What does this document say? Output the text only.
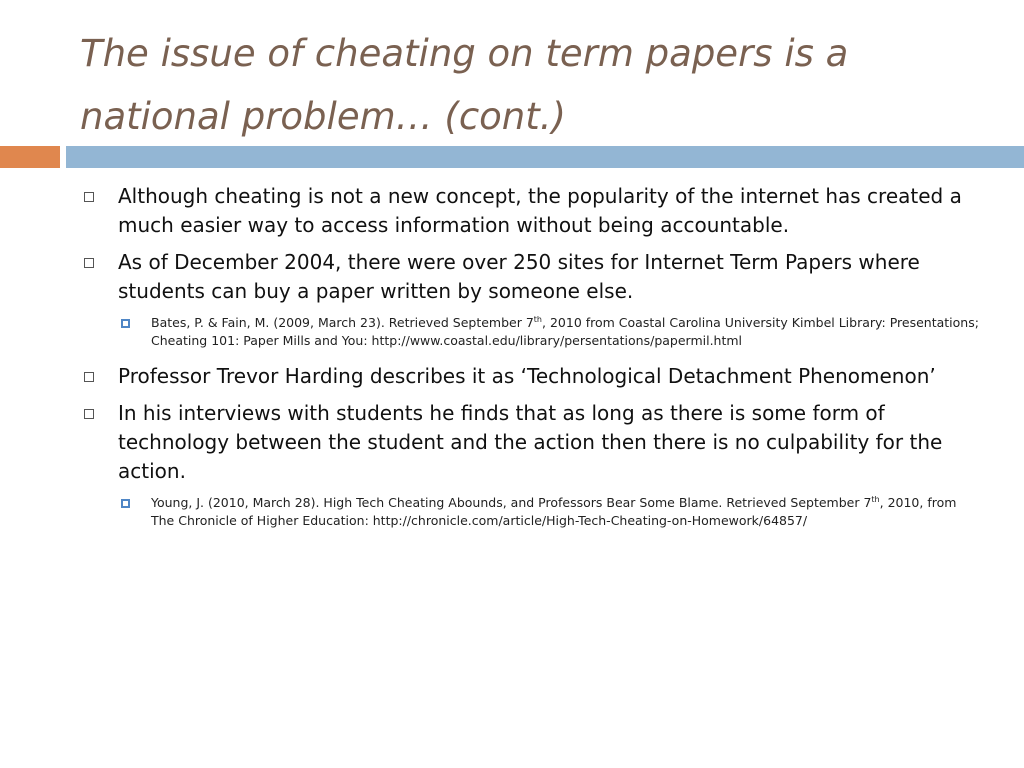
The issue of cheating on term papers is a national problem… (cont.)
Although cheating is not a new concept, the popularity of the internet has created a much easier way to access information without being accountable.
As of December 2004, there were over 250 sites for Internet Term Papers where students can buy a paper written by someone else.
Bates, P. & Fain, M. (2009, March 23). Retrieved September 7th, 2010 from Coastal Carolina University Kimbel Library: Presentations; Cheating 101: Paper Mills and You: http://www.coastal.edu/library/persentations/papermil.html
Professor Trevor Harding describes it as ‘Technological Detachment Phenomenon’
In his interviews with students he finds that as long as there is some form of technology between the student and the action then there is no culpability for the action.
Young, J. (2010, March 28). High Tech Cheating Abounds, and Professors Bear Some Blame. Retrieved September 7th, 2010, from The Chronicle of Higher Education: http://chronicle.com/article/High-Tech-Cheating-on-Homework/64857/
